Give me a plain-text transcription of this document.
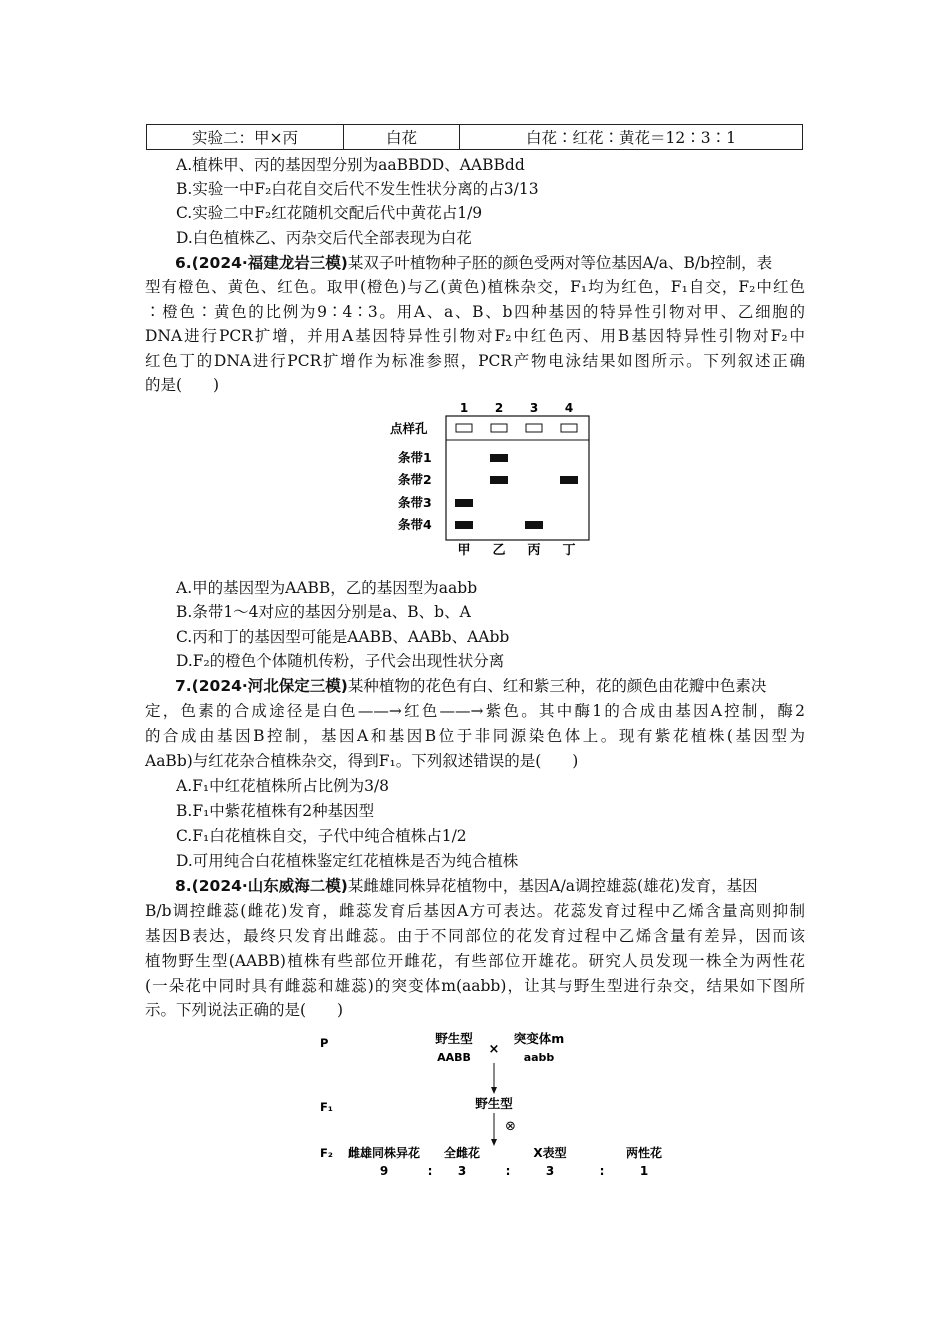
实验二：甲×丙	白花	白花∶红花∶黄花＝12∶3∶1
A.植株甲、丙的基因型分别为aaBBDD、AABBdd
B.实验一中F₂白花自交后代不发生性状分离的占3/13
C.实验二中F₂红花随机交配后代中黄花占1/9
D.白色植株乙、丙杂交后代全部表现为白花
6.(2024·福建龙岩三模)某双子叶植物种子胚的颜色受两对等位基因A/a、B/b控制，表
型有橙色、黄色、红色。取甲(橙色)与乙(黄色)植株杂交，F₁均为红色，F₁自交，F₂中红色
∶橙色∶黄色的比例为9∶4∶3。用A、a、B、b四种基因的特异性引物对甲、乙细胞的
DNA进行PCR扩增，并用A基因特异性引物对F₂中红色丙、用B基因特异性引物对F₂中
红色丁的DNA进行PCR扩增作为标准参照，PCR产物电泳结果如图所示。下列叙述正确
的是(　　)
1 2 3 4
点样孔
条带1
条带2
条带3
条带4
甲 乙 丙 丁
A.甲的基因型为AABB，乙的基因型为aabb
B.条带1～4对应的基因分别是a、B、b、A
C.丙和丁的基因型可能是AABB、AABb、AAbb
D.F₂的橙色个体随机传粉，子代会出现性状分离
7.(2024·河北保定三模)某种植物的花色有白、红和紫三种，花的颜色由花瓣中色素决
定，色素的合成途径是白色——→红色——→紫色。其中酶1的合成由基因A控制，酶2
的合成由基因B控制，基因A和基因B位于非同源染色体上。现有紫花植株(基因型为
AaBb)与红花杂合植株杂交，得到F₁。下列叙述错误的是(　　)
A.F₁中红花植株所占比例为3/8
B.F₁中紫花植株有2种基因型
C.F₁白花植株自交，子代中纯合植株占1/2
D.可用纯合白花植株鉴定红花植株是否为纯合植株
8.(2024·山东威海二模)某雌雄同株异花植物中，基因A/a调控雄蕊(雄花)发育，基因
B/b调控雌蕊(雌花)发育，雌蕊发育后基因A方可表达。花蕊发育过程中乙烯含量高则抑制
基因B表达，最终只发育出雌蕊。由于不同部位的花发育过程中乙烯含量有差异，因而该
植物野生型(AABB)植株有些部位开雌花，有些部位开雄花。研究人员发现一株全为两性花
(一朵花中同时具有雌蕊和雄蕊)的突变体m(aabb)，让其与野生型进行杂交，结果如下图所
示。下列说法正确的是(　　)
P	野生型
AABB
×
突变体m
aabb
F₁	野生型
⊗
F₂ 雌雄同株异花 全雌花	X表型	两性花
9	: 3	:	3	:	1
